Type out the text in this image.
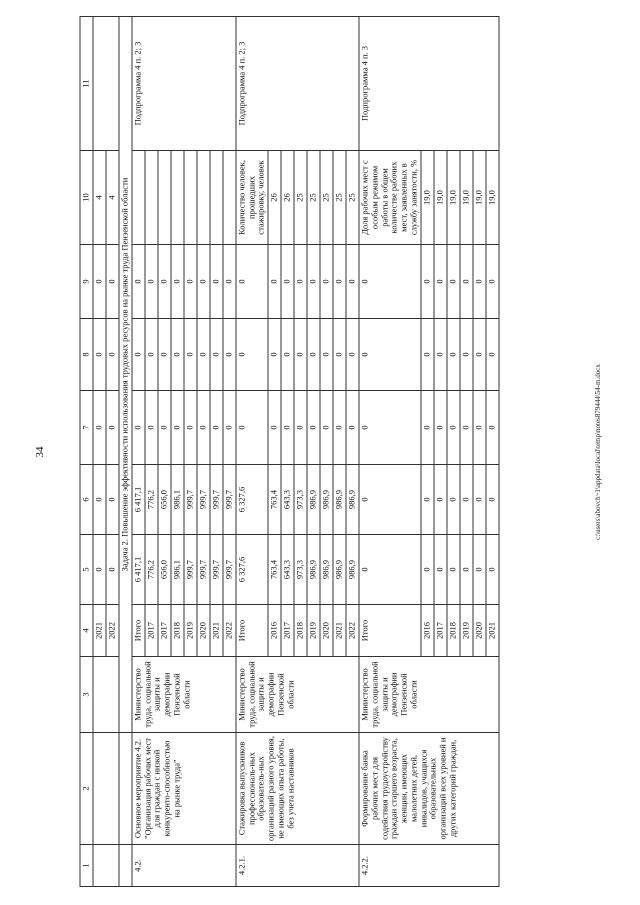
34
1	2	3	4	5	6	7	8	9	10	11	
			2021	0	0	0	0	0	4		
			2022	0	0	0	0	0	4		
		Задача 2. Повышение эффективности использования трудовых ресурсов на рынке труда Пензенской области									
4.2.	Основное мероприятие 4.2. "Организация рабочих мест для граждан с низкой конкуренто-способностью на рынке труда"	Министерство труда, социальной защиты и демографии Пензенской области	Итого	6 417,1	6 417,1	0	0	0		Подпрограмма 4 п. 2; 3	
			2017	776,2	776,2	0	0	0			
			2017	656,0	656,0	0	0	0			
			2018	986,1	986,1	0	0	0			
			2019	999,7	999,7	0	0	0			
			2020	999,7	999,7	0	0	0			
			2021	999,7	999,7	0	0	0			
			2022	999,7	999,7	0	0	0			
4.2.1.	Стажировка выпускников профессиональ-ных образователь-ных организаций разного уровня, не имеющих опыта работы, без учета наставников	Министерство труда, социальной защиты и демографии Пензенской области	Итого	6 327,6	6 327,6	0	0	0	Количество человек, прошедших стажировку, человек	Подпрограмма 4 п. 2; 3	
			2016	763,4	763,4	0	0	0	26		
			2017	643,3	643,3	0	0	0	26		
			2018	973,3	973,3	0	0	0	25		
			2019	986,9	986,9	0	0	0	25		
			2020	986,9	986,9	0	0	0	25		
			2021	986,9	986,9	0	0	0	25		
			2022	986,9	986,9	0	0	0	25		
4.2.2.	Формирование банка рабочих мест для содействия трудоустройству граждан старшего возраста, женщин, имеющих малолетних детей, инвалидов, учащихся образовательных организаций всех уровней и других категорий граждан,	Министерство труда, социальной защиты и демографии Пензенской области	Итого	0	0	0	0	0	Доля рабочих мест с особым режимом работы в общем количестве рабочих мест, заявленных в службу занятости, %	Подпрограмма 4 п. 3	
			2016	0	0	0	0	0	19,0		
			2017	0	0	0	0	0	19,0		
			2018	0	0	0	0	0	19,0		
			2019	0	0	0	0	0	19,0		
			2020	0	0	0	0	0	19,0		
			2021	0	0	0	0	0	19,0		
c:\users\abovch~1\appdata\local\temp\notes879444\54-m.docx
